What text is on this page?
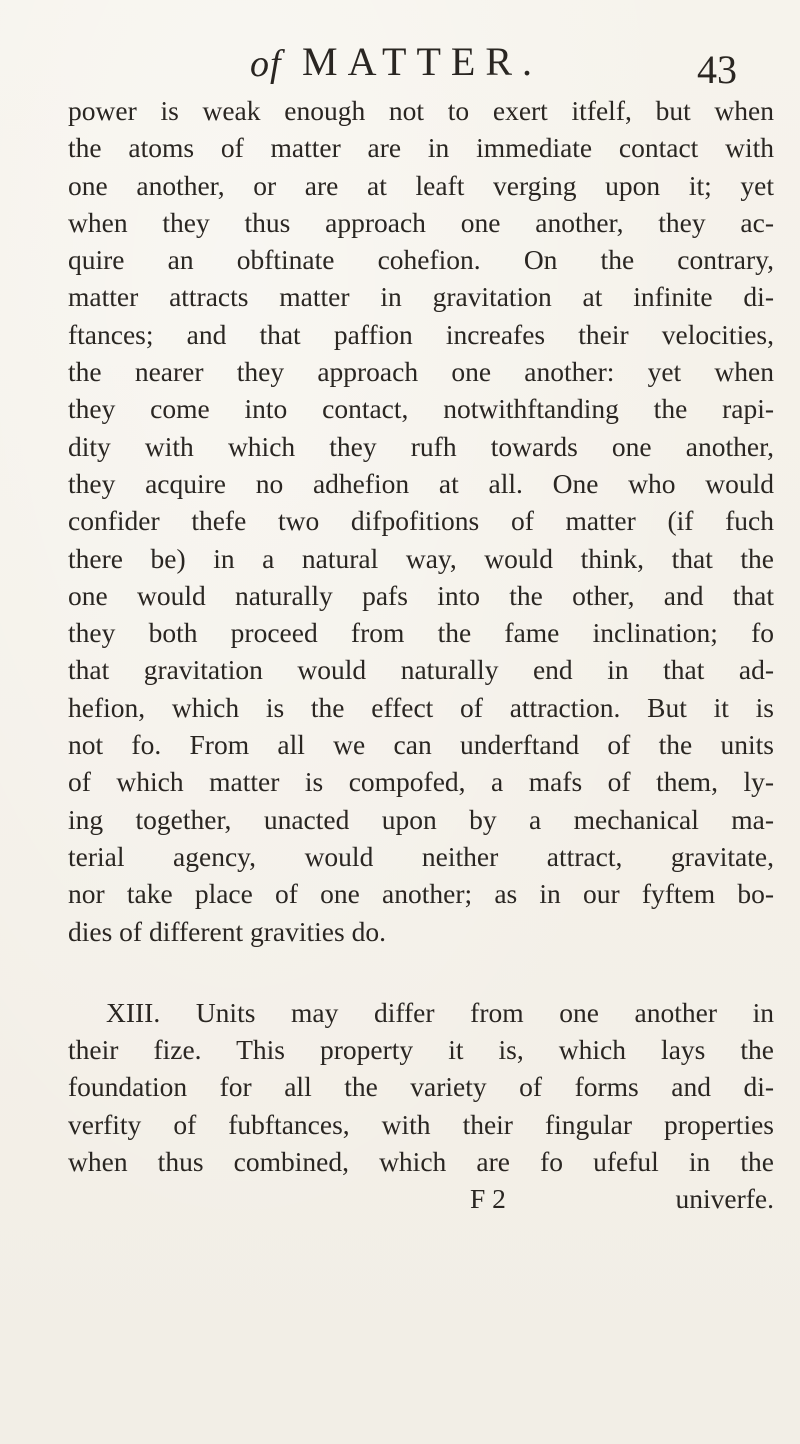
of MATTER.	43
power is weak enough not to exert itfelf, but when
the atoms of matter are in immediate contact with
one another, or are at leaft verging upon it; yet
when they thus approach one another, they ac-
quire an obftinate cohefion. On the contrary,
matter attracts matter in gravitation at infinite di-
ftances; and that paffion increafes their velocities,
the nearer they approach one another: yet when
they come into contact, notwithftanding the rapi-
dity with which they rufh towards one another,
they acquire no adhefion at all. One who would
confider thefe two difpofitions of matter (if fuch
there be) in a natural way, would think, that the
one would naturally pafs into the other, and that
they both proceed from the fame inclination; fo
that gravitation would naturally end in that ad-
hefion, which is the effect of attraction. But it is
not fo. From all we can underftand of the units
of which matter is compofed, a mafs of them, ly-
ing together, unacted upon by a mechanical ma-
terial agency, would neither attract, gravitate,
nor take place of one another; as in our fyftem bo-
dies of different gravities do.
XIII. Units may differ from one another in
their fize. This property it is, which lays the
foundation for all the variety of forms and di-
verfity of fubftances, with their fingular properties
when thus combined, which are fo ufeful in the
F 2	univerfe.
